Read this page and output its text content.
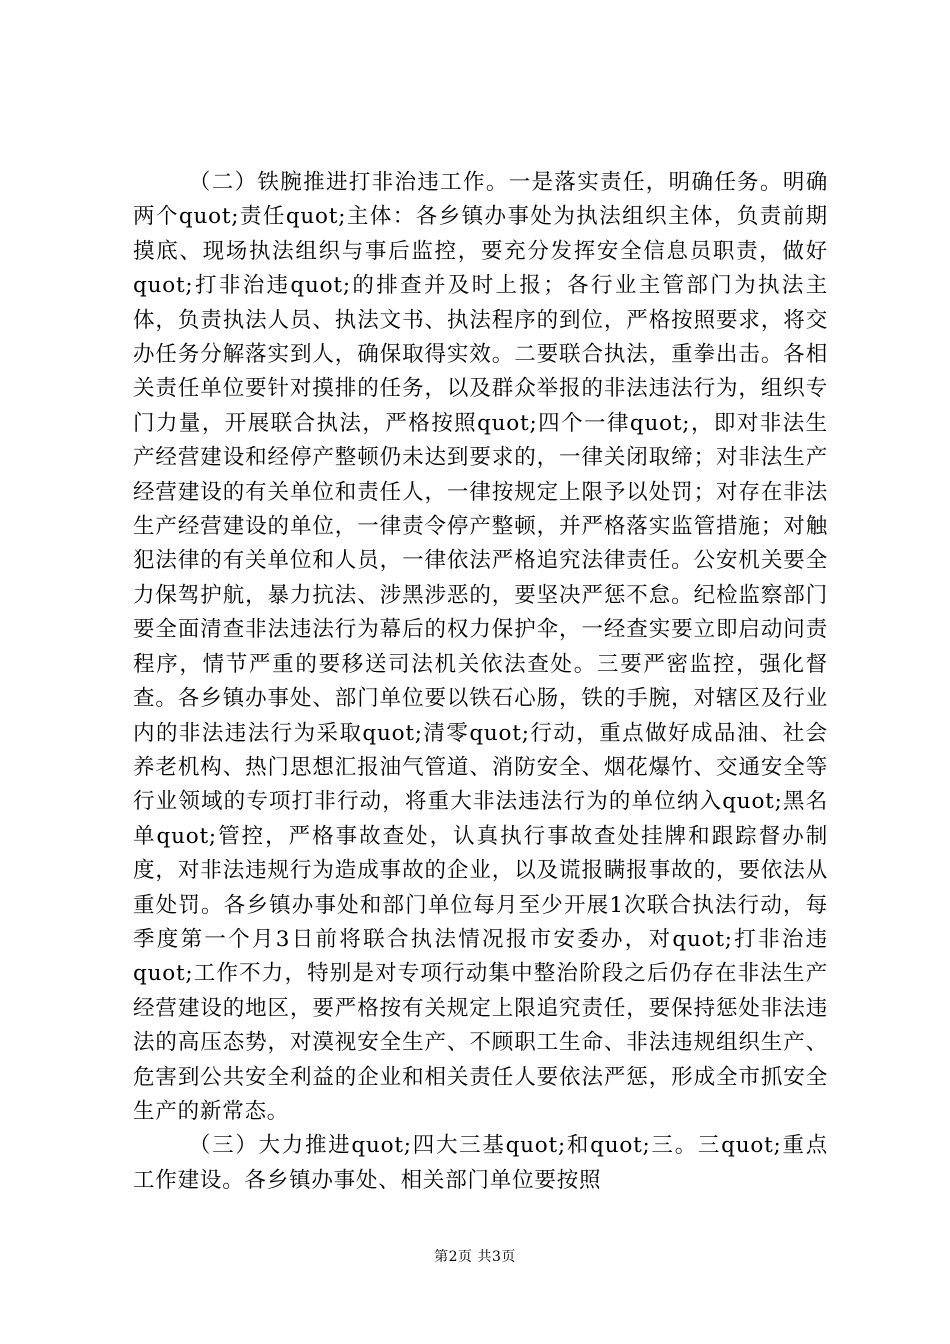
（二）铁腕推进打非治违工作。一是落实责任，明确任务。明确两个quot;责任quot;主体：各乡镇办事处为执法组织主体，负责前期摸底、现场执法组织与事后监控，要充分发挥安全信息员职责，做好quot;打非治违quot;的排查并及时上报；各行业主管部门为执法主体，负责执法人员、执法文书、执法程序的到位，严格按照要求，将交办任务分解落实到人，确保取得实效。二要联合执法，重拳出击。各相关责任单位要针对摸排的任务，以及群众举报的非法违法行为，组织专门力量，开展联合执法，严格按照quot;四个一律quot;，即对非法生产经营建设和经停产整顿仍未达到要求的，一律关闭取缔；对非法生产经营建设的有关单位和责任人，一律按规定上限予以处罚；对存在非法生产经营建设的单位，一律责令停产整顿，并严格落实监管措施；对触犯法律的有关单位和人员，一律依法严格追究法律责任。公安机关要全力保驾护航，暴力抗法、涉黑涉恶的，要坚决严惩不怠。纪检监察部门要全面清查非法违法行为幕后的权力保护伞，一经查实要立即启动问责程序，情节严重的要移送司法机关依法查处。三要严密监控，强化督查。各乡镇办事处、部门单位要以铁石心肠，铁的手腕，对辖区及行业内的非法违法行为采取quot;清零quot;行动，重点做好成品油、社会养老机构、热门思想汇报油气管道、消防安全、烟花爆竹、交通安全等行业领域的专项打非行动，将重大非法违法行为的单位纳入quot;黑名单quot;管控，严格事故查处，认真执行事故查处挂牌和跟踪督办制度，对非法违规行为造成事故的企业，以及谎报瞒报事故的，要依法从重处罚。各乡镇办事处和部门单位每月至少开展1次联合执法行动，每季度第一个月3日前将联合执法情况报市安委办，对quot;打非治违quot;工作不力，特别是对专项行动集中整治阶段之后仍存在非法生产经营建设的地区，要严格按有关规定上限追究责任，要保持惩处非法违法的高压态势，对漠视安全生产、不顾职工生命、非法违规组织生产、危害到公共安全利益的企业和相关责任人要依法严惩，形成全市抓安全生产的新常态。

（三）大力推进quot;四大三基quot;和quot;三。三quot;重点工作建设。各乡镇办事处、相关部门单位要按照

第2页 共3页
